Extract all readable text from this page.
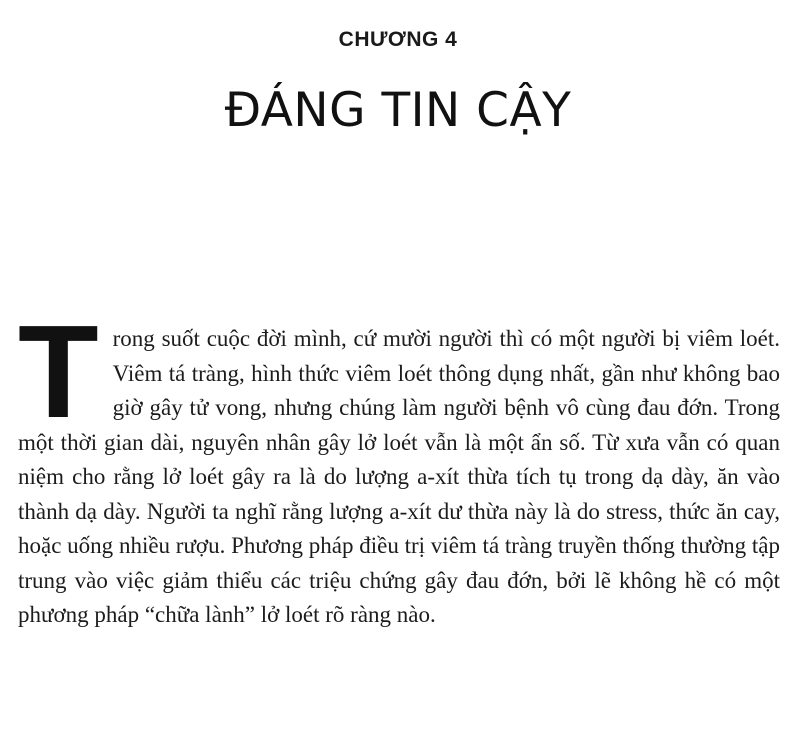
CHƯƠNG 4
ĐÁNG TIN CẬY
Trong suốt cuộc đời mình, cứ mười người thì có một người bị viêm loét. Viêm tá tràng, hình thức viêm loét thông dụng nhất, gần như không bao giờ gây tử vong, nhưng chúng làm người bệnh vô cùng đau đớn. Trong một thời gian dài, nguyên nhân gây lở loét vẫn là một ẩn số. Từ xưa vẫn có quan niệm cho rằng lở loét gây ra là do lượng a-xít thừa tích tụ trong dạ dày, ăn vào thành dạ dày. Người ta nghĩ rằng lượng a-xít dư thừa này là do stress, thức ăn cay, hoặc uống nhiều rượu. Phương pháp điều trị viêm tá tràng truyền thống thường tập trung vào việc giảm thiểu các triệu chứng gây đau đớn, bởi lẽ không hề có một phương pháp “chữa lành” lở loét rõ ràng nào.
